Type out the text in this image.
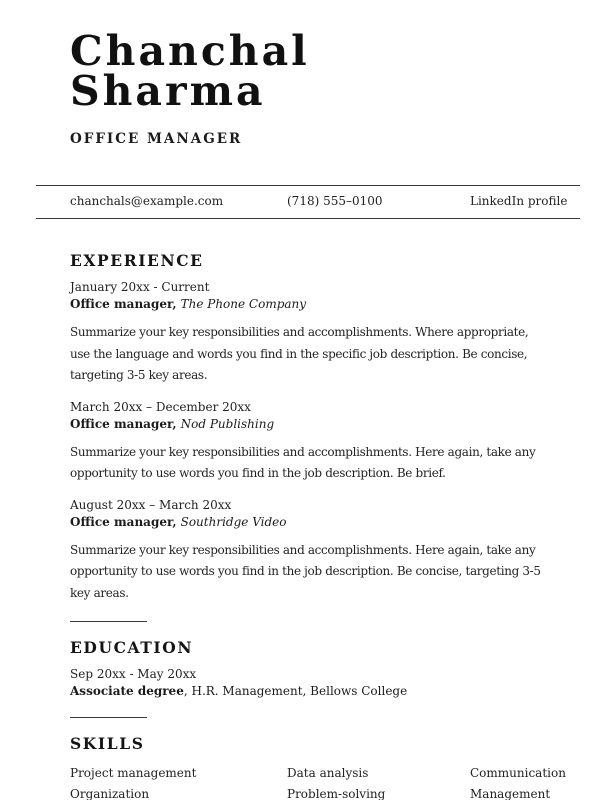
Chanchal
Sharma
OFFICE MANAGER
chanchals@example.com	(718) 555–0100	LinkedIn profile
EXPERIENCE
January 20xx - Current
Office manager, The Phone Company

Summarize your key responsibilities and accomplishments. Where appropriate, use the language and words you find in the specific job description. Be concise, targeting 3-5 key areas.

March 20xx – December 20xx
Office manager, Nod Publishing

Summarize your key responsibilities and accomplishments. Here again, take any opportunity to use words you find in the job description. Be brief.

August 20xx – March 20xx
Office manager, Southridge Video

Summarize your key responsibilities and accomplishments. Here again, take any opportunity to use words you find in the job description. Be concise, targeting 3-5 key areas.

EDUCATION
Sep 20xx - May 20xx
Associate degree, H.R. Management, Bellows College
SKILLS
Project management
Organization
Data analysis
Problem-solving
Communication
Management
